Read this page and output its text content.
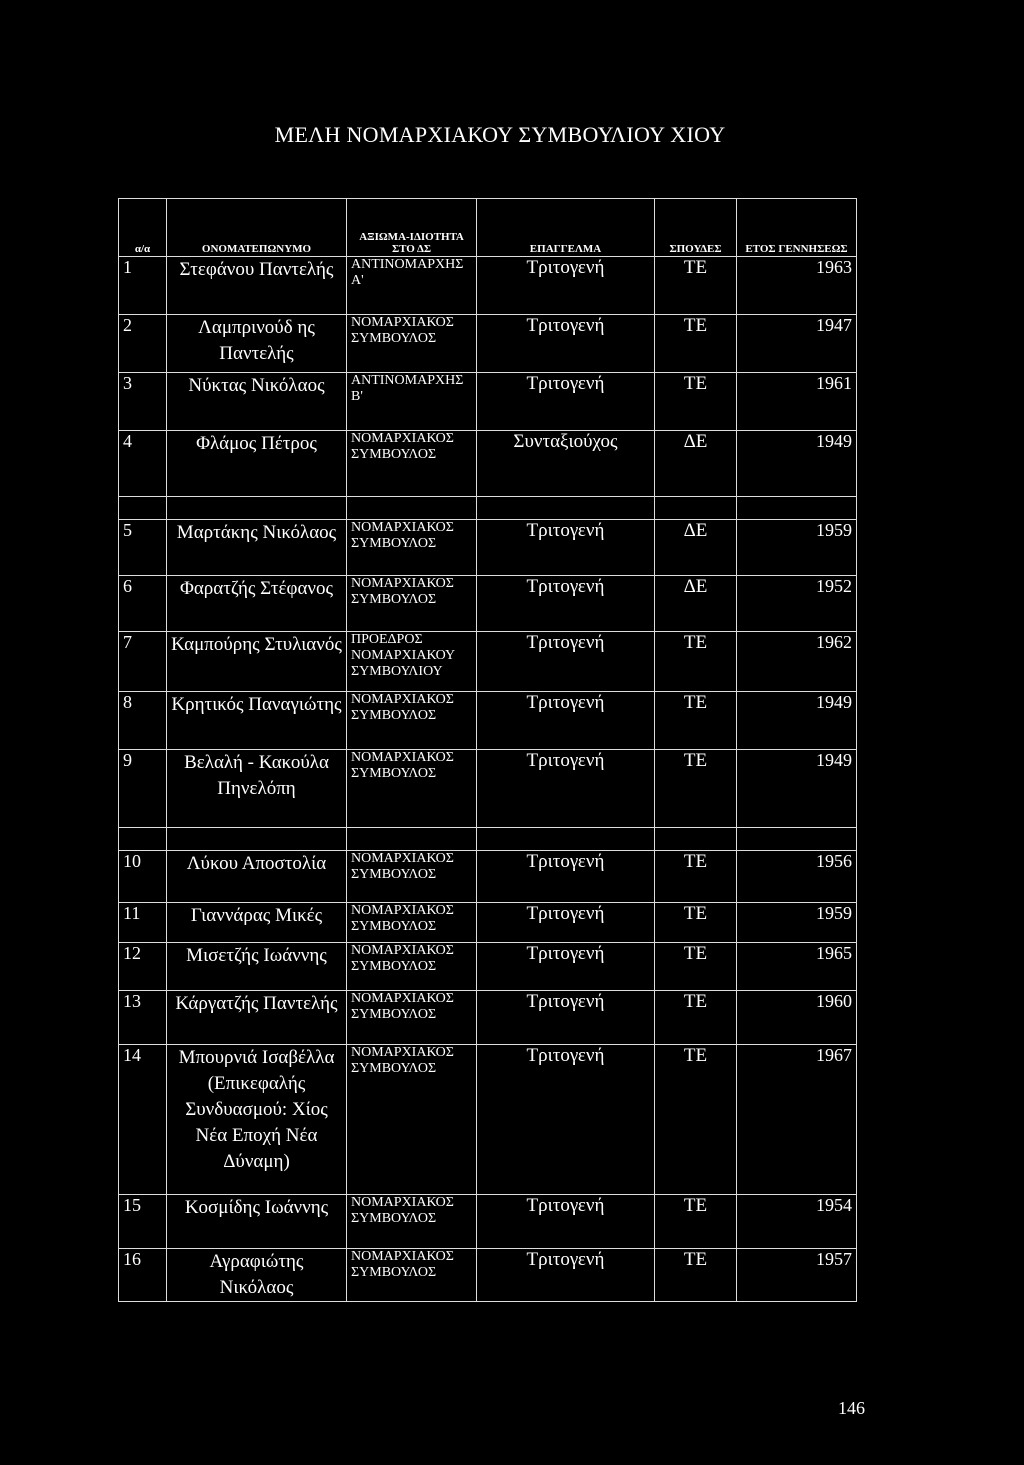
ΜΕΛΗ ΝΟΜΑΡΧΙΑΚΟΥ ΣΥΜΒΟΥΛΙΟΥ ΧΙΟΥ
α/α	ΟΝΟΜΑΤΕΠΩΝΥΜΟ	ΑΞΙΩΜΑ-ΙΔΙΟΤΗΤΑ ΣΤΟ ΔΣ	ΕΠΑΓΓΕΛΜΑ	ΣΠΟΥΔΕΣ	ΕΤΟΣ ΓΕΝΝΗΣΕΩΣ
1	Στεφάνου Παντελής	ΑΝΤΙΝΟΜΑΡΧΗΣ Α'	Τριτογενή	ΤΕ	1963
2	Λαμπρινούδ ης Παντελής	ΝΟΜΑΡΧΙΑΚΟΣ ΣΥΜΒΟΥΛΟΣ	Τριτογενή	ΤΕ	1947
3	Νύκτας Νικόλαος	ΑΝΤΙΝΟΜΑΡΧΗΣ Β'	Τριτογενή	ΤΕ	1961
4	Φλάμος Πέτρος	ΝΟΜΑΡΧΙΑΚΟΣ ΣΥΜΒΟΥΛΟΣ	Συνταξιούχος	ΔΕ	1949

5	Μαρτάκης Νικόλαος	ΝΟΜΑΡΧΙΑΚΟΣ ΣΥΜΒΟΥΛΟΣ	Τριτογενή	ΔΕ	1959
6	Φαρατζής Στέφανος	ΝΟΜΑΡΧΙΑΚΟΣ ΣΥΜΒΟΥΛΟΣ	Τριτογενή	ΔΕ	1952
7	Καμπούρης Στυλιανός	ΠΡΟΕΔΡΟΣ ΝΟΜΑΡΧΙΑΚΟΥ ΣΥΜΒΟΥΛΙΟΥ	Τριτογενή	ΤΕ	1962
8	Κρητικός Παναγιώτης	ΝΟΜΑΡΧΙΑΚΟΣ ΣΥΜΒΟΥΛΟΣ	Τριτογενή	ΤΕ	1949
9	Βελαλή - Κακούλα Πηνελόπη	ΝΟΜΑΡΧΙΑΚΟΣ ΣΥΜΒΟΥΛΟΣ	Τριτογενή	ΤΕ	1949

10	Λύκου Αποστολία	ΝΟΜΑΡΧΙΑΚΟΣ ΣΥΜΒΟΥΛΟΣ	Τριτογενή	ΤΕ	1956
11	Γιαννάρας Μικές	ΝΟΜΑΡΧΙΑΚΟΣ ΣΥΜΒΟΥΛΟΣ	Τριτογενή	ΤΕ	1959
12	Μισετζής Ιωάννης	ΝΟΜΑΡΧΙΑΚΟΣ ΣΥΜΒΟΥΛΟΣ	Τριτογενή	ΤΕ	1965
13	Κάργατζής Παντελής	ΝΟΜΑΡΧΙΑΚΟΣ ΣΥΜΒΟΥΛΟΣ	Τριτογενή	ΤΕ	1960
14	Μπουρνιά Ισαβέλλα (Επικεφαλής Συνδυασμού: Χίος Νέα Εποχή Νέα Δύναμη)	ΝΟΜΑΡΧΙΑΚΟΣ ΣΥΜΒΟΥΛΟΣ	Τριτογενή	ΤΕ	1967
15	Κοσμίδης Ιωάννης	ΝΟΜΑΡΧΙΑΚΟΣ ΣΥΜΒΟΥΛΟΣ	Τριτογενή	ΤΕ	1954
16	Αγραφιώτης Νικόλαος	ΝΟΜΑΡΧΙΑΚΟΣ ΣΥΜΒΟΥΛΟΣ	Τριτογενή	ΤΕ	1957
146
